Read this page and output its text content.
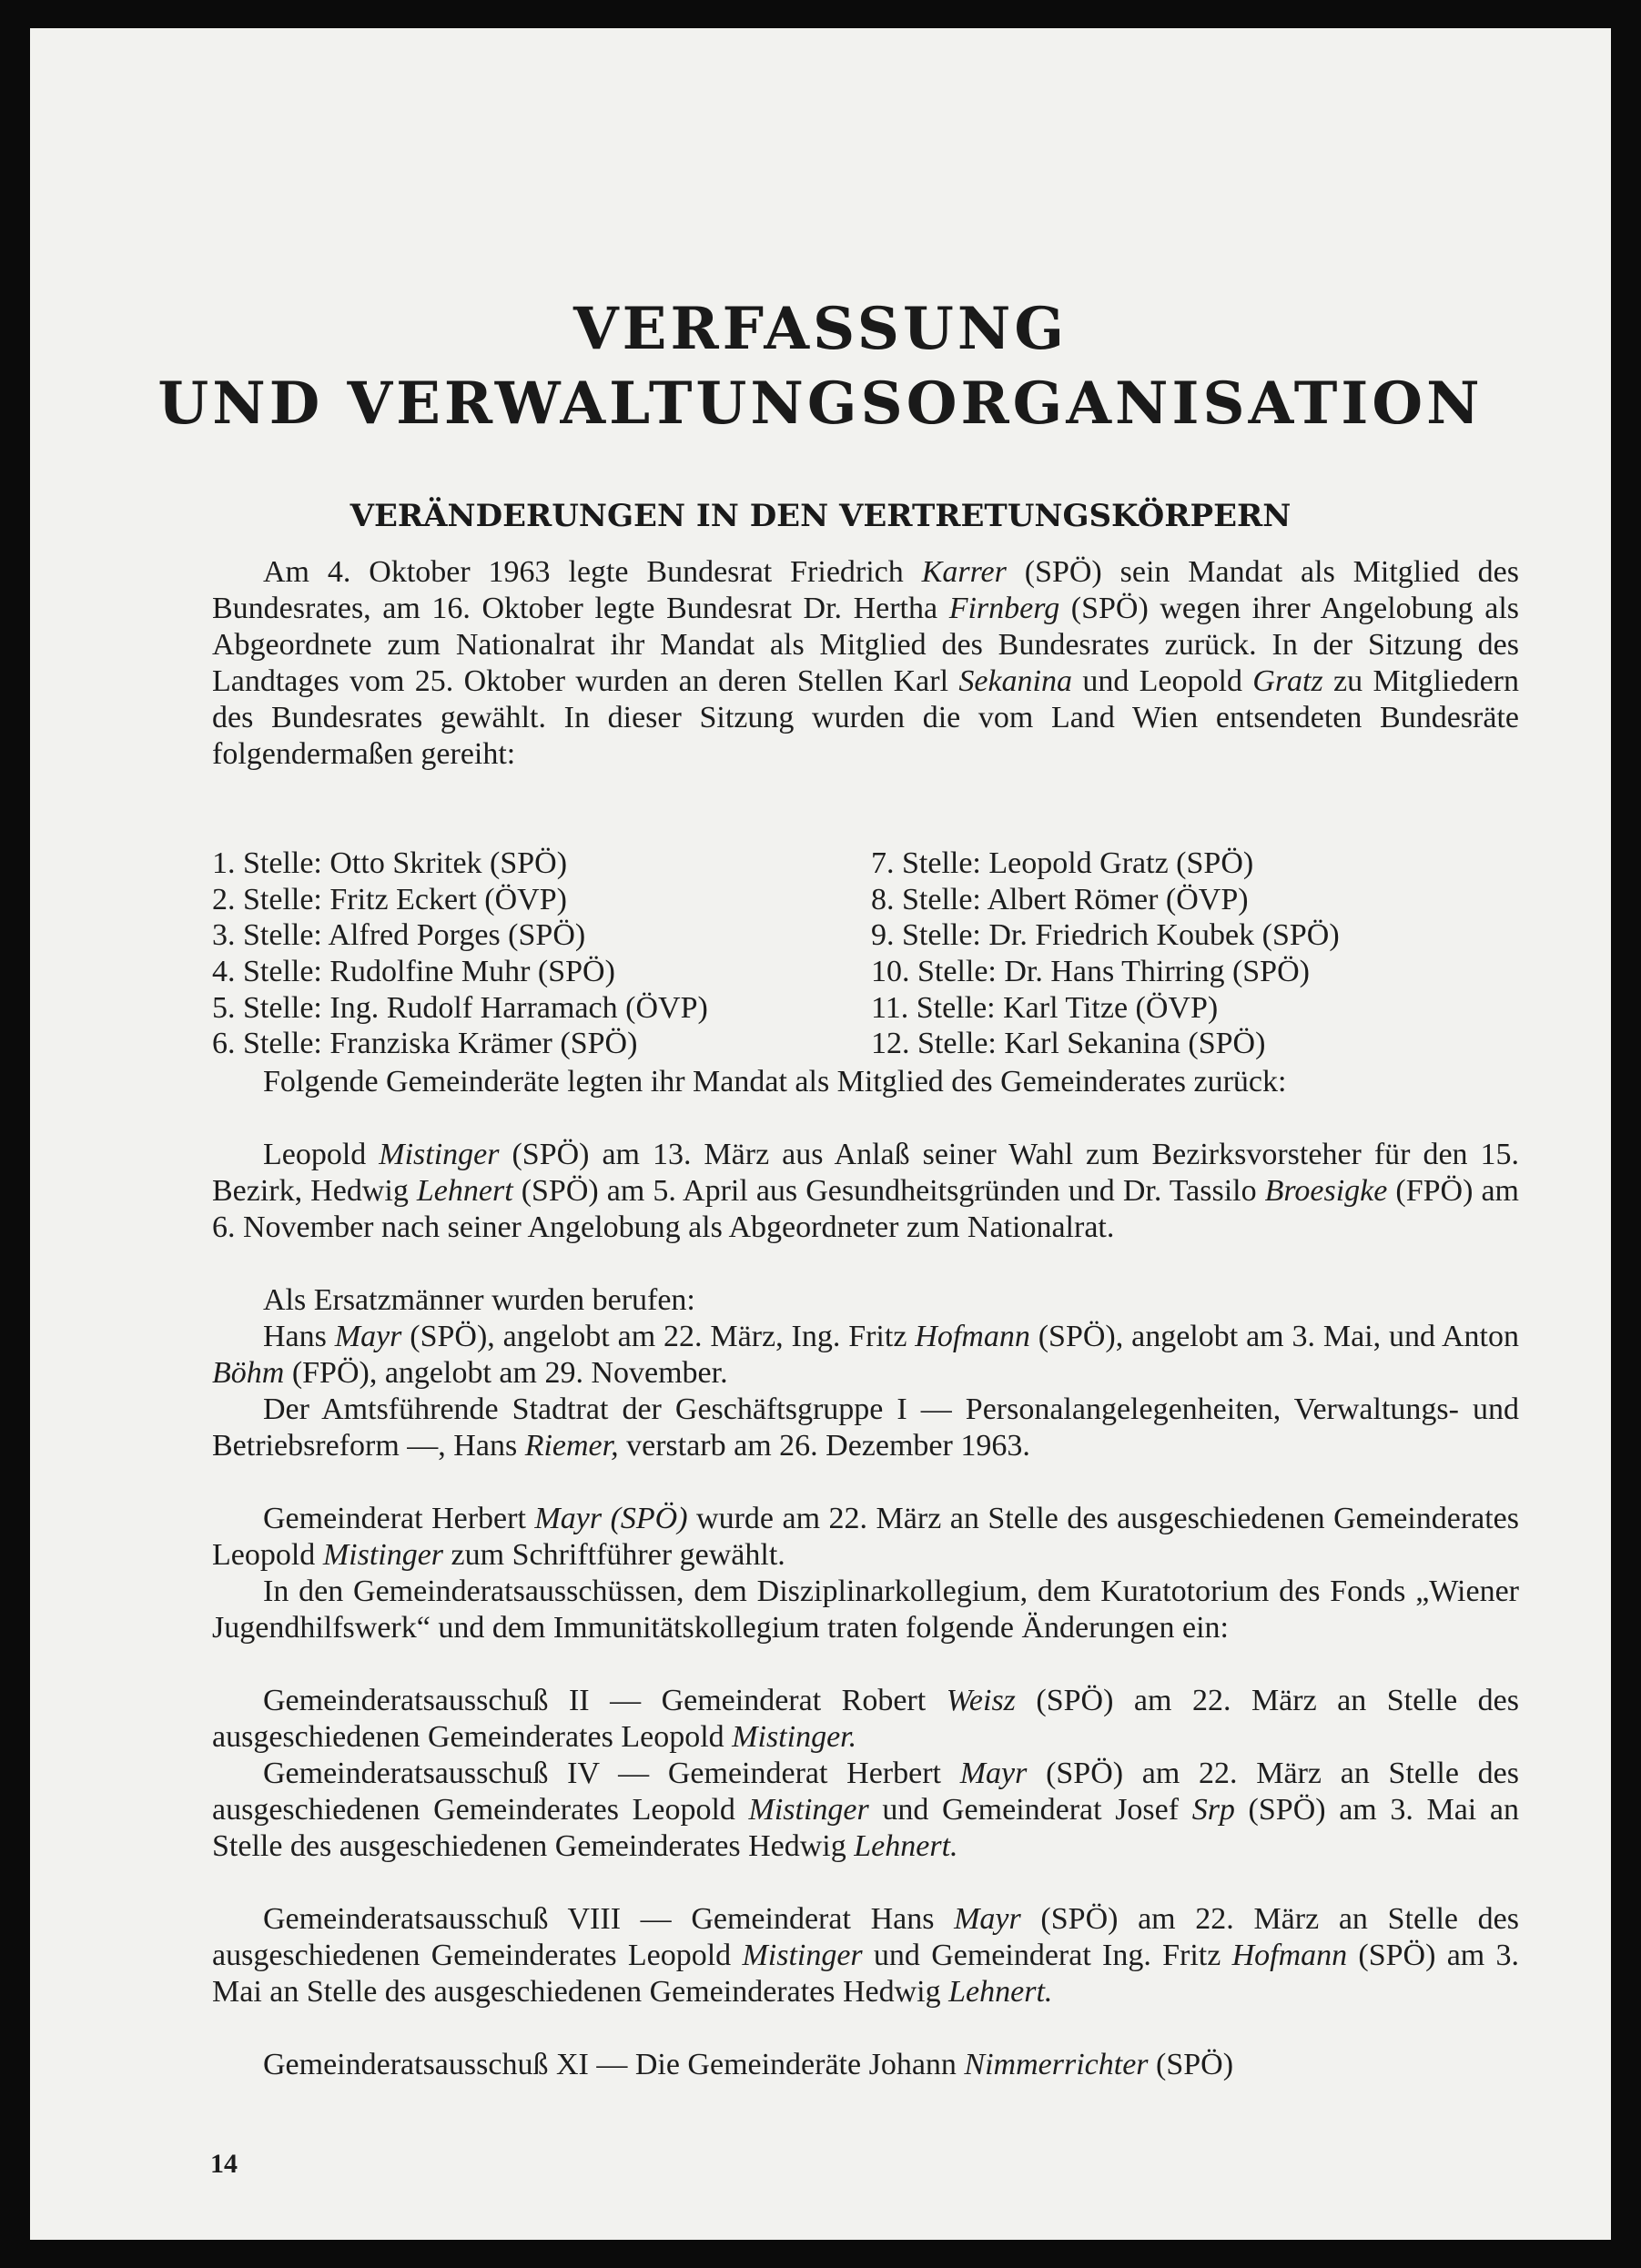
VERFASSUNG
UND VERWALTUNGSORGANISATION
VERÄNDERUNGEN IN DEN VERTRETUNGSKÖRPERN

Am 4. Oktober 1963 legte Bundesrat Friedrich Karrer (SPÖ) sein Mandat als Mitglied des Bundesrates, am 16. Oktober legte Bundesrat Dr. Hertha Firnberg (SPÖ) wegen ihrer Angelobung als Abgeordnete zum Nationalrat ihr Mandat als Mitglied des Bundesrates zurück. In der Sitzung des Landtages vom 25. Oktober wurden an deren Stellen Karl Sekanina und Leopold Gratz zu Mitgliedern des Bundesrates gewählt. In dieser Sitzung wurden die vom Land Wien entsendeten Bundesräte folgendermaßen gereiht:

1. Stelle: Otto Skritek (SPÖ)
2. Stelle: Fritz Eckert (ÖVP)
3. Stelle: Alfred Porges (SPÖ)
4. Stelle: Rudolfine Muhr (SPÖ)
5. Stelle: Ing. Rudolf Harramach (ÖVP)
6. Stelle: Franziska Krämer (SPÖ)
7. Stelle: Leopold Gratz (SPÖ)
8. Stelle: Albert Römer (ÖVP)
9. Stelle: Dr. Friedrich Koubek (SPÖ)
10. Stelle: Dr. Hans Thirring (SPÖ)
11. Stelle: Karl Titze (ÖVP)
12. Stelle: Karl Sekanina (SPÖ)

Folgende Gemeinderäte legten ihr Mandat als Mitglied des Gemeinderates zurück:

Leopold Mistinger (SPÖ) am 13. März aus Anlaß seiner Wahl zum Bezirksvorsteher für den 15. Bezirk, Hedwig Lehnert (SPÖ) am 5. April aus Gesundheitsgründen und Dr. Tassilo Broesigke (FPÖ) am 6. November nach seiner Angelobung als Abgeordneter zum Nationalrat.

Als Ersatzmänner wurden berufen:

Hans Mayr (SPÖ), angelobt am 22. März, Ing. Fritz Hofmann (SPÖ), angelobt am 3. Mai, und Anton Böhm (FPÖ), angelobt am 29. November.

Der Amtsführende Stadtrat der Geschäftsgruppe I — Personalangelegenheiten, Verwaltungs- und Betriebsreform —, Hans Riemer, verstarb am 26. Dezember 1963.

Gemeinderat Herbert Mayr (SPÖ) wurde am 22. März an Stelle des ausgeschiedenen Gemeinderates Leopold Mistinger zum Schriftführer gewählt.

In den Gemeinderatsausschüssen, dem Disziplinarkollegium, dem Kuratotorium des Fonds „Wiener Jugendhilfswerk“ und dem Immunitätskollegium traten folgende Änderungen ein:

Gemeinderatsausschuß II — Gemeinderat Robert Weisz (SPÖ) am 22. März an Stelle des ausgeschiedenen Gemeinderates Leopold Mistinger.

Gemeinderatsausschuß IV — Gemeinderat Herbert Mayr (SPÖ) am 22. März an Stelle des ausgeschiedenen Gemeinderates Leopold Mistinger und Gemeinderat Josef Srp (SPÖ) am 3. Mai an Stelle des ausgeschiedenen Gemeinderates Hedwig Lehnert.

Gemeinderatsausschuß VIII — Gemeinderat Hans Mayr (SPÖ) am 22. März an Stelle des ausgeschiedenen Gemeinderates Leopold Mistinger und Gemeinderat Ing. Fritz Hofmann (SPÖ) am 3. Mai an Stelle des ausgeschiedenen Gemeinderates Hedwig Lehnert.

Gemeinderatsausschuß XI — Die Gemeinderäte Johann Nimmerrichter (SPÖ)

14
